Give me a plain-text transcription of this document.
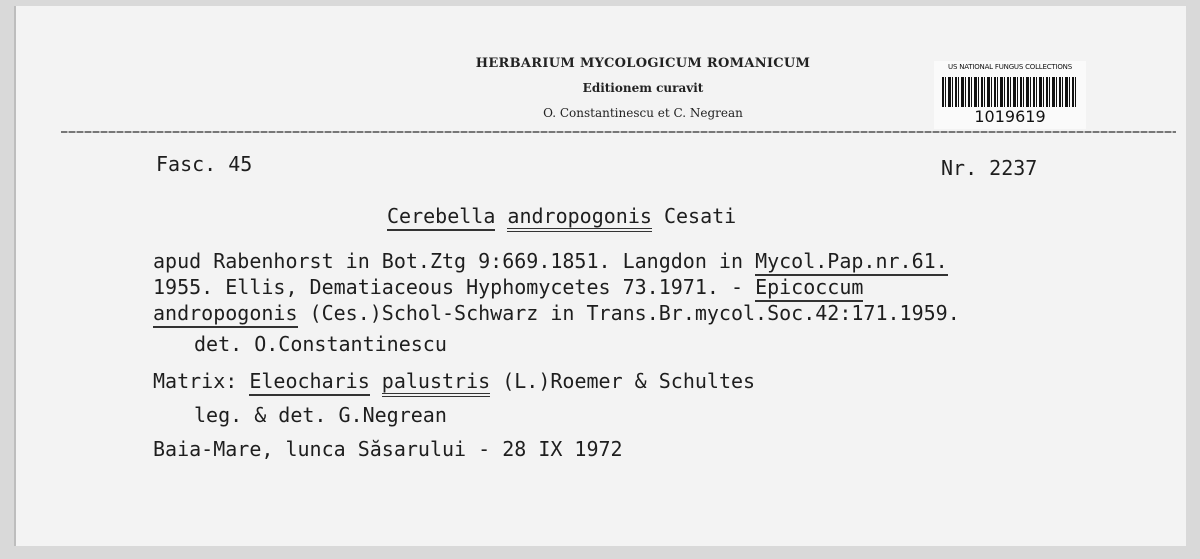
HERBARIUM MYCOLOGICUM ROMANICUM
Editionem curavit
O. Constantinescu et C. Negrean
US NATIONAL FUNGUS COLLECTIONS
1019619
Fasc. 45	Nr. 2237
Cerebella andropogonis Cesati
apud Rabenhorst in Bot.Ztg 9:669.1851. Langdon in Mycol.Pap.nr.61.
1955. Ellis, Dematiaceous Hyphomycetes 73.1971. - Epicoccum
andropogonis (Ces.)Schol-Schwarz in Trans.Br.mycol.Soc.42:171.1959.
det. O.Constantinescu
Matrix: Eleocharis palustris (L.)Roemer & Schultes
leg. & det. G.Negrean
Baia-Mare, lunca Săsarului - 28 IX 1972
